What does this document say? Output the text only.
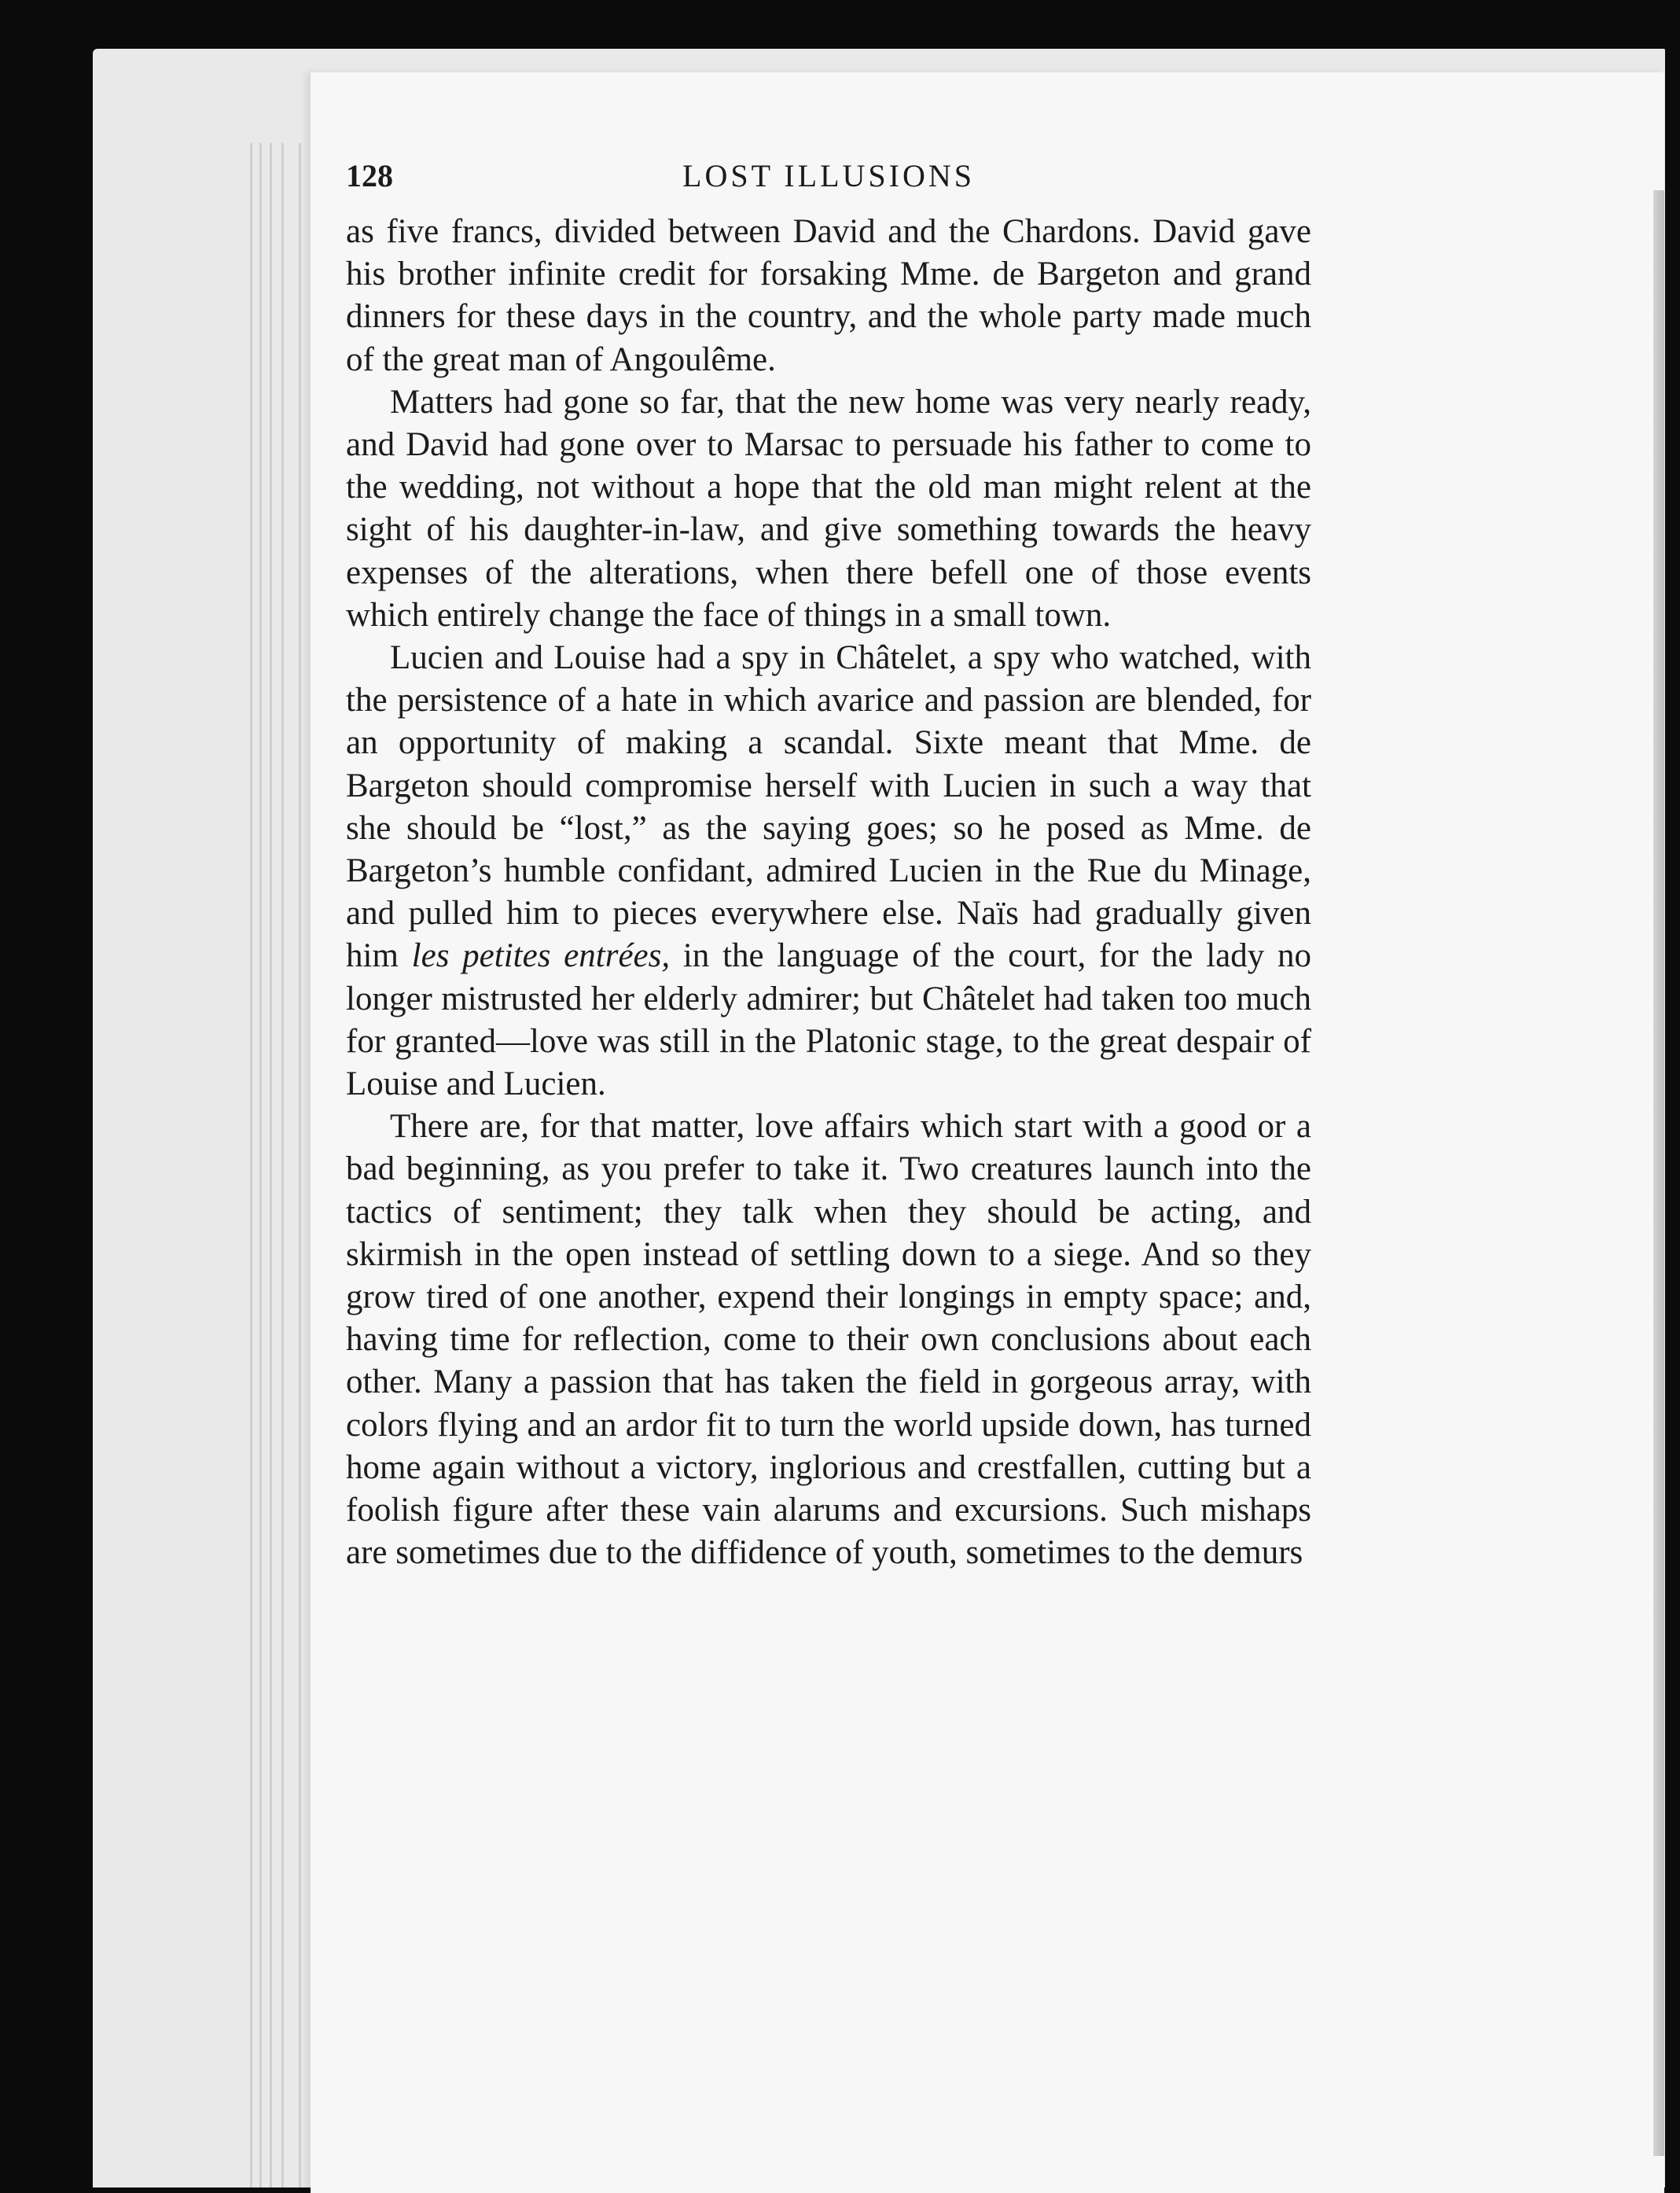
128	LOST ILLUSIONS

as five francs, divided between David and the Chardons. David gave his brother infinite credit for forsaking Mme. de Bargeton and grand dinners for these days in the country, and the whole party made much of the great man of Angoulême.

Matters had gone so far, that the new home was very nearly ready, and David had gone over to Marsac to persuade his father to come to the wedding, not without a hope that the old man might relent at the sight of his daughter-in-law, and give something towards the heavy expenses of the alterations, when there befell one of those events which entirely change the face of things in a small town.

Lucien and Louise had a spy in Châtelet, a spy who watched, with the persistence of a hate in which avarice and passion are blended, for an opportunity of making a scandal. Sixte meant that Mme. de Bargeton should compromise herself with Lucien in such a way that she should be “lost,” as the saying goes; so he posed as Mme. de Bargeton’s humble confidant, admired Lucien in the Rue du Minage, and pulled him to pieces everywhere else. Naïs had gradually given him les petites entrées, in the language of the court, for the lady no longer mistrusted her elderly admirer; but Châtelet had taken too much for granted—love was still in the Platonic stage, to the great despair of Louise and Lucien.

There are, for that matter, love affairs which start with a good or a bad beginning, as you prefer to take it. Two creatures launch into the tactics of sentiment; they talk when they should be acting, and skirmish in the open instead of settling down to a siege. And so they grow tired of one another, expend their longings in empty space; and, having time for reflection, come to their own conclusions about each other. Many a passion that has taken the field in gorgeous array, with colors flying and an ardor fit to turn the world upside down, has turned home again without a victory, inglorious and crestfallen, cutting but a foolish figure after these vain alarums and excursions. Such mishaps are sometimes due to the diffidence of youth, sometimes to the demurs
